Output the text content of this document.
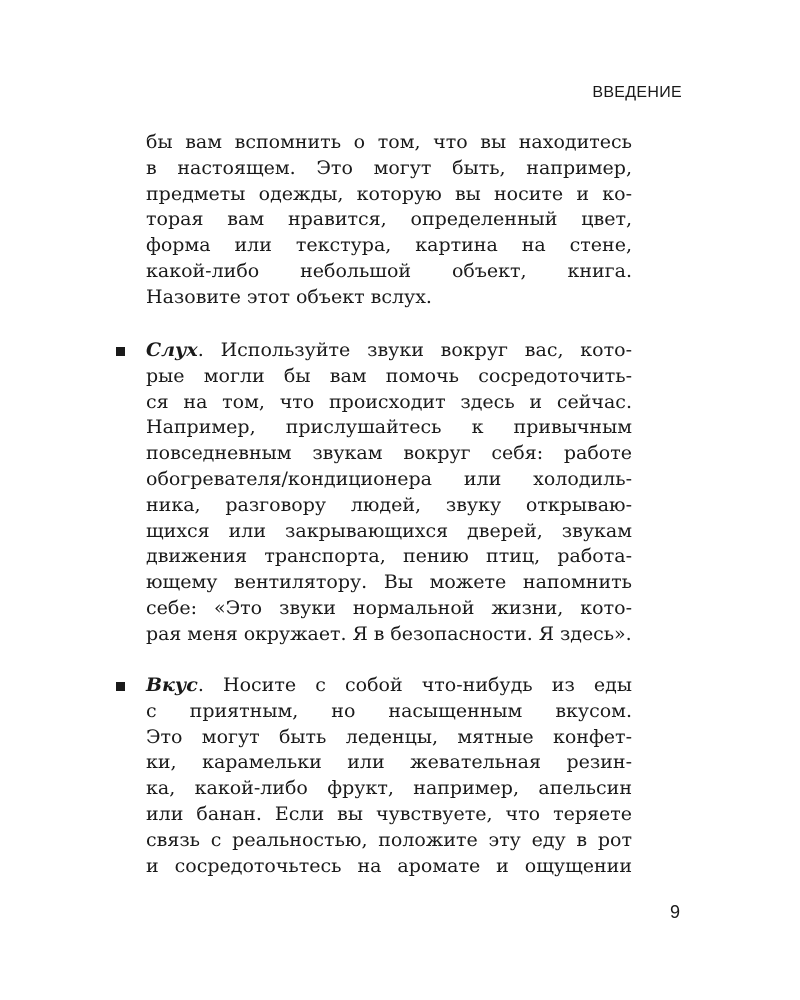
ВВЕДЕНИЕ
бы вам вспомнить о том, что вы находитесь
в настоящем. Это могут быть, например,
предметы одежды, которую вы носите и ко-
торая вам нравится, определенный цвет,
форма или текстура, картина на стене,
какой-либо небольшой объект, книга.
Назовите этот объект вслух.
Слух. Используйте звуки вокруг вас, кото-
рые могли бы вам помочь сосредоточить-
ся на том, что происходит здесь и сейчас.
Например, прислушайтесь к привычным
повседневным звукам вокруг себя: работе
обогревателя/кондиционера или холодиль-
ника, разговору людей, звуку открываю-
щихся или закрывающихся дверей, звукам
движения транспорта, пению птиц, работа-
ющему вентилятору. Вы можете напомнить
себе: «Это звуки нормальной жизни, кото-
рая меня окружает. Я в безопасности. Я здесь».
Вкус. Носите с собой что-нибудь из еды
с приятным, но насыщенным вкусом.
Это могут быть леденцы, мятные конфет-
ки, карамельки или жевательная резин-
ка, какой-либо фрукт, например, апельсин
или банан. Если вы чувствуете, что теряете
связь с реальностью, положите эту еду в рот
и сосредоточьтесь на аромате и ощущении
9
